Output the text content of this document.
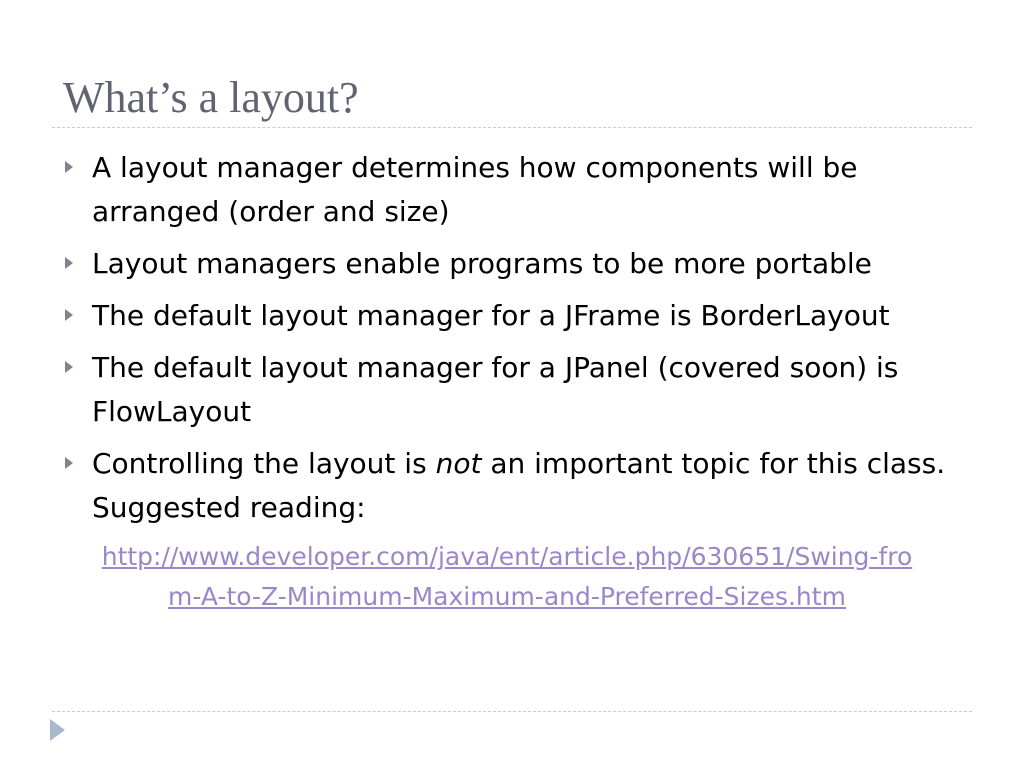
What’s a layout?
A layout manager determines how components will be arranged (order and size)
Layout managers enable programs to be more portable
The default layout manager for a JFrame is BorderLayout
The default layout manager for a JPanel (covered soon) is FlowLayout
Controlling the layout is not an important topic for this class. Suggested reading:
http://www.developer.com/java/ent/article.php/630651/Swing-from-A-to-Z-Minimum-Maximum-and-Preferred-Sizes.htm
